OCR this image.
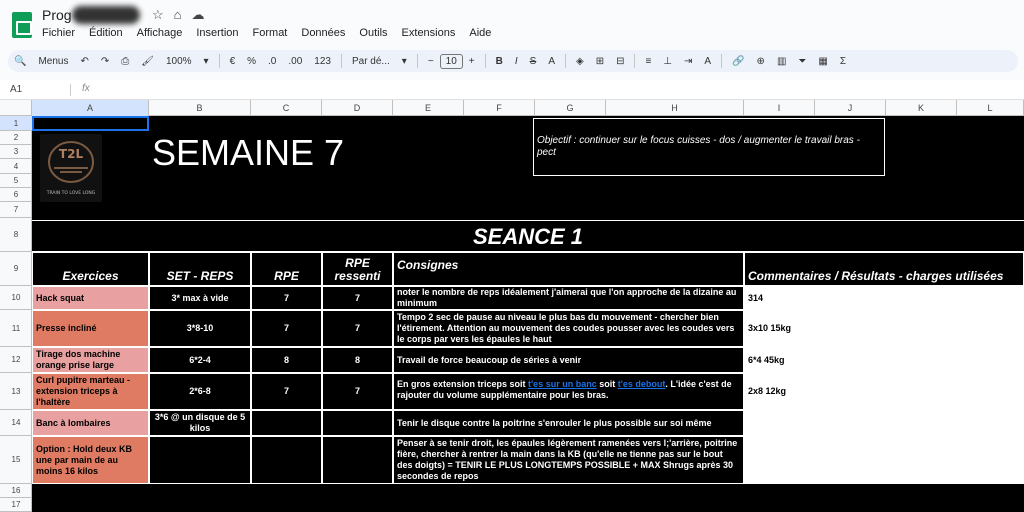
Prog	☆ ⌂ ☁
Fichier	Édition	Affichage	Insertion	Format	Données	Outils	Extensions	Aide
🔍	Menus	↶	↷	⎙	🖌	100%	▾	€	%	.0	.00	123	Par dé...	▾	−	10	+	B	I	S	A	◈	⊞	⊟	≡	⊥	⇥	A	🔗	⊕	▥	⏷	▦	Σ
A1	fx
A	B	C	D	E	F	G	H	I	J	K	L
1
2
3
4
5
6
7
8
9
10
11
12
13
14
15
16
17
T2L
TRAIN TO LOVE LONG
SEMAINE 7	Objectif : continuer sur le focus cuisses - dos / augmenter le travail bras - pect
SEANCE 1
Exercices	SET - REPS	RPE
RPE ressenti
Consignes
Commentaires / Résultats - charges utilisées
Hack squat	3* max à vide	7	7
noter le nombre de reps idéalement j'aimerai que l'on approche de la dizaine au minimum
314
Presse incliné	3*8-10	7	7
Tempo 2 sec de pause au niveau le plus bas du mouvement - chercher bien l'étirement. Attention au mouvement des coudes pousser avec les coudes vers le corps par vers les épaules le haut
3x10 15kg
Tirage dos machine orange prise large
6*2-4	8	8	Travail de force beaucoup de séries à venir	6*4 45kg
Curl pupitre marteau - extension triceps à l'haltère
2*6-8	7	7
En gros extension triceps soit t'es sur un banc soit t'es debout. L'idée c'est de rajouter du volume supplémentaire pour les bras.	2x8 12kg
Banc à lombaires
3*6 @ un disque de 5 kilos
Tenir le disque contre la poitrine s'enrouler le plus possible sur soi même
Option : Hold deux KB une par main de au moins 16 kilos
Penser à se tenir droit, les épaules légèrement ramenées vers l;'arrière, poitrine fière, chercher à rentrer la main dans la KB (qu'elle ne tienne pas sur le bout des doigts) = TENIR LE PLUS LONGTEMPS POSSIBLE + MAX Shrugs après 30 secondes de repos
